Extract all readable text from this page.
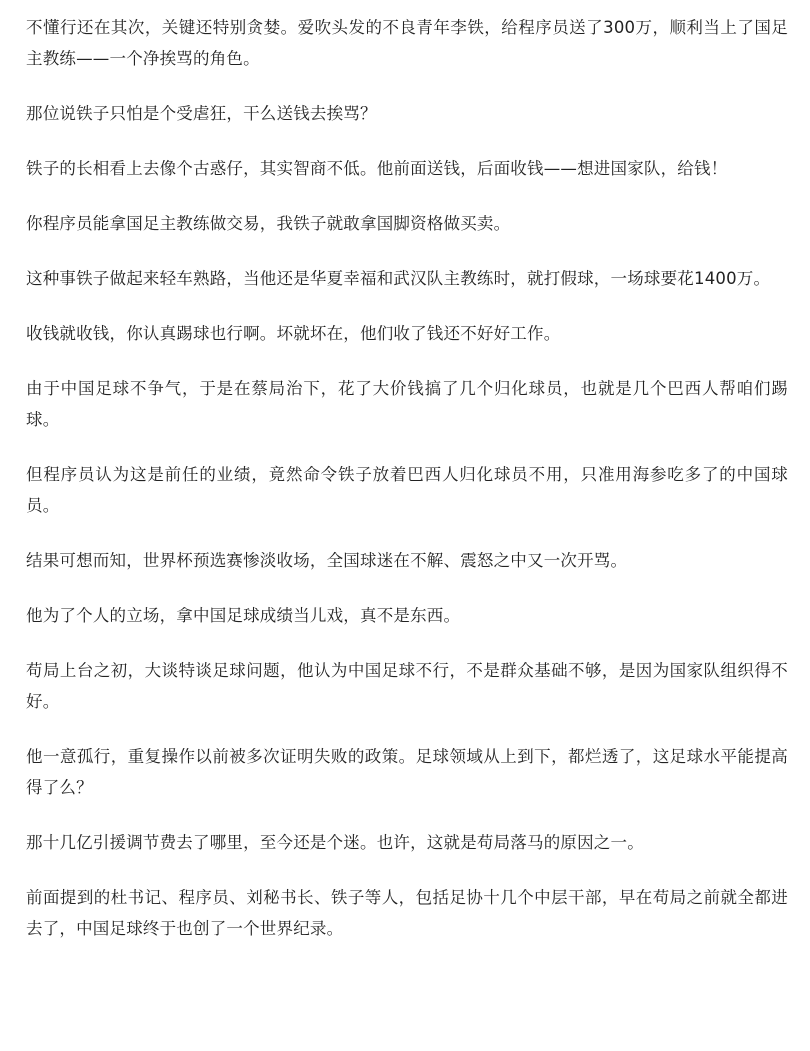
不懂行还在其次，关键还特别贪婪。爱吹头发的不良青年李铁，给程序员送了300万，顺利当上了国足主教练——一个净挨骂的角色。

那位说铁子只怕是个受虐狂，干么送钱去挨骂？

铁子的长相看上去像个古惑仔，其实智商不低。他前面送钱，后面收钱——想进国家队，给钱！

你程序员能拿国足主教练做交易，我铁子就敢拿国脚资格做买卖。

这种事铁子做起来轻车熟路，当他还是华夏幸福和武汉队主教练时，就打假球，一场球要花1400万。

收钱就收钱，你认真踢球也行啊。坏就坏在，他们收了钱还不好好工作。

由于中国足球不争气，于是在蔡局治下，花了大价钱搞了几个归化球员，也就是几个巴西人帮咱们踢球。

但程序员认为这是前任的业绩，竟然命令铁子放着巴西人归化球员不用，只准用海参吃多了的中国球员。

结果可想而知，世界杯预选赛惨淡收场，全国球迷在不解、震怒之中又一次开骂。

他为了个人的立场，拿中国足球成绩当儿戏，真不是东西。

苟局上台之初，大谈特谈足球问题，他认为中国足球不行，不是群众基础不够，是因为国家队组织得不好。

他一意孤行，重复操作以前被多次证明失败的政策。足球领域从上到下，都烂透了，这足球水平能提高得了么？

那十几亿引援调节费去了哪里，至今还是个迷。也许，这就是苟局落马的原因之一。

前面提到的杜书记、程序员、刘秘书长、铁子等人，包括足协十几个中层干部，早在苟局之前就全都进去了，中国足球终于也创了一个世界纪录。
